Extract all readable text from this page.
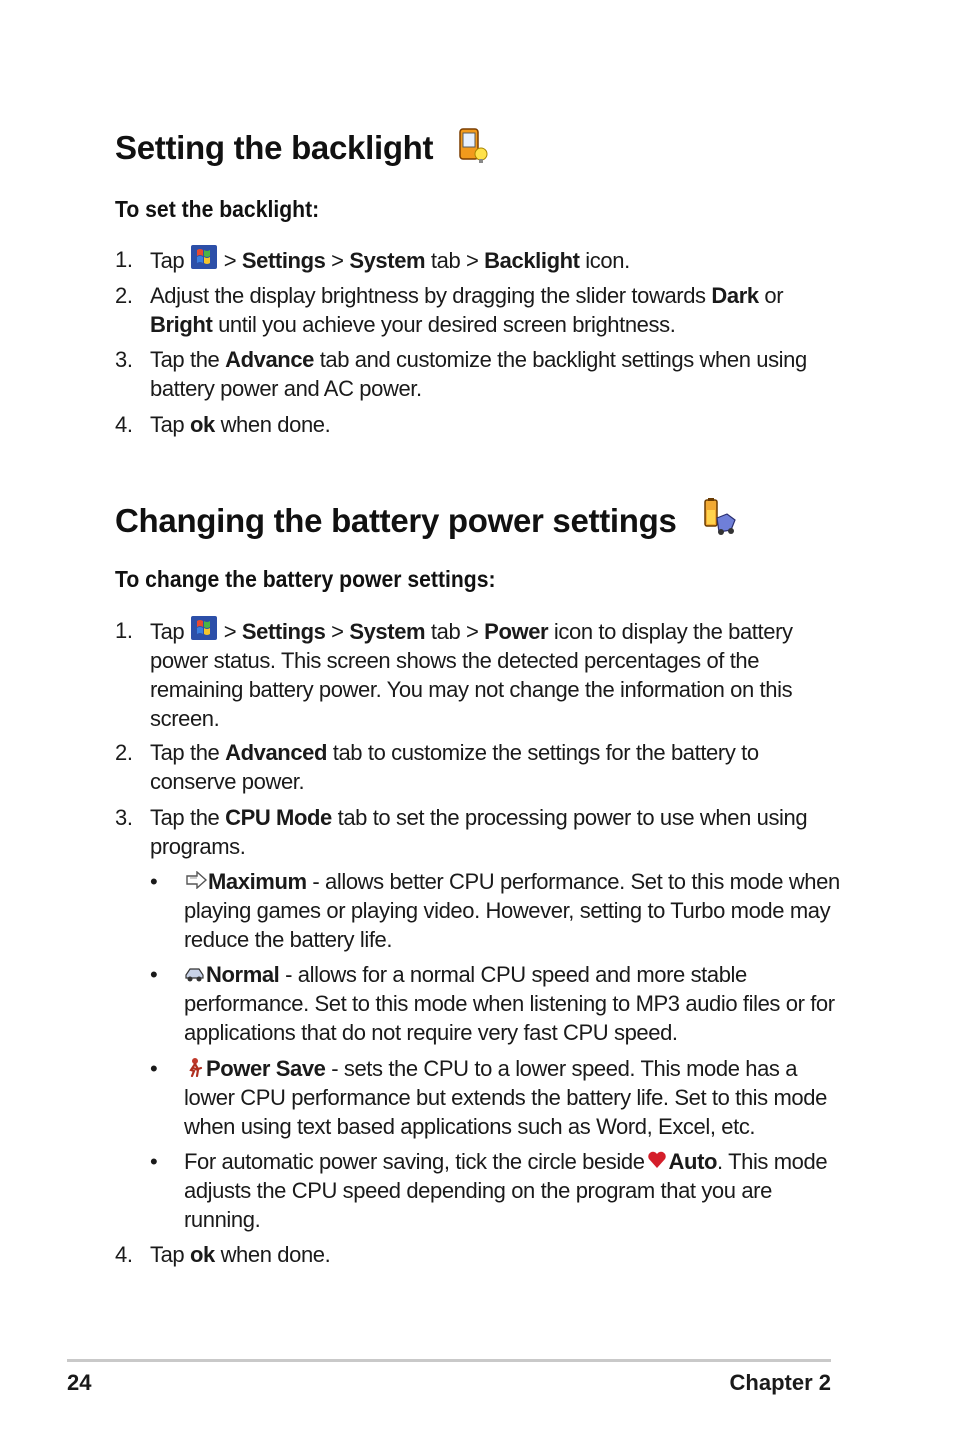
Setting the backlight
To set the backlight:
1. Tap  > Settings > System tab > Backlight icon.
2. Adjust the display brightness by dragging the slider towards Dark or Bright until you achieve your desired screen brightness.
3. Tap the Advance tab and customize the backlight settings when using battery power and AC power.
4. Tap ok when done.
Changing the battery power settings
To change the battery power settings:
1. Tap  > Settings > System tab > Power icon to display the battery power status. This screen shows the detected percentages of the remaining battery power. You may not change the information on this screen.
2. Tap the Advanced tab to customize the settings for the battery to conserve power.
3. Tap the CPU Mode tab to set the processing power to use when using programs.
•	Maximum - allows better CPU performance. Set to this mode when playing games or playing video. However, setting to Turbo mode may reduce the battery life.
•	Normal - allows for a normal CPU speed and more stable performance. Set to this mode when listening to MP3 audio files or for applications that do not require very fast CPU speed.
•	Power Save - sets the CPU to a lower speed. This mode has a lower CPU performance but extends the battery life. Set to this mode when using text based applications such as Word, Excel, etc.
• For automatic power saving, tick the circle beside Auto. This mode adjusts the CPU speed depending on the program that you are running.
4. Tap ok when done.
24	Chapter 2
